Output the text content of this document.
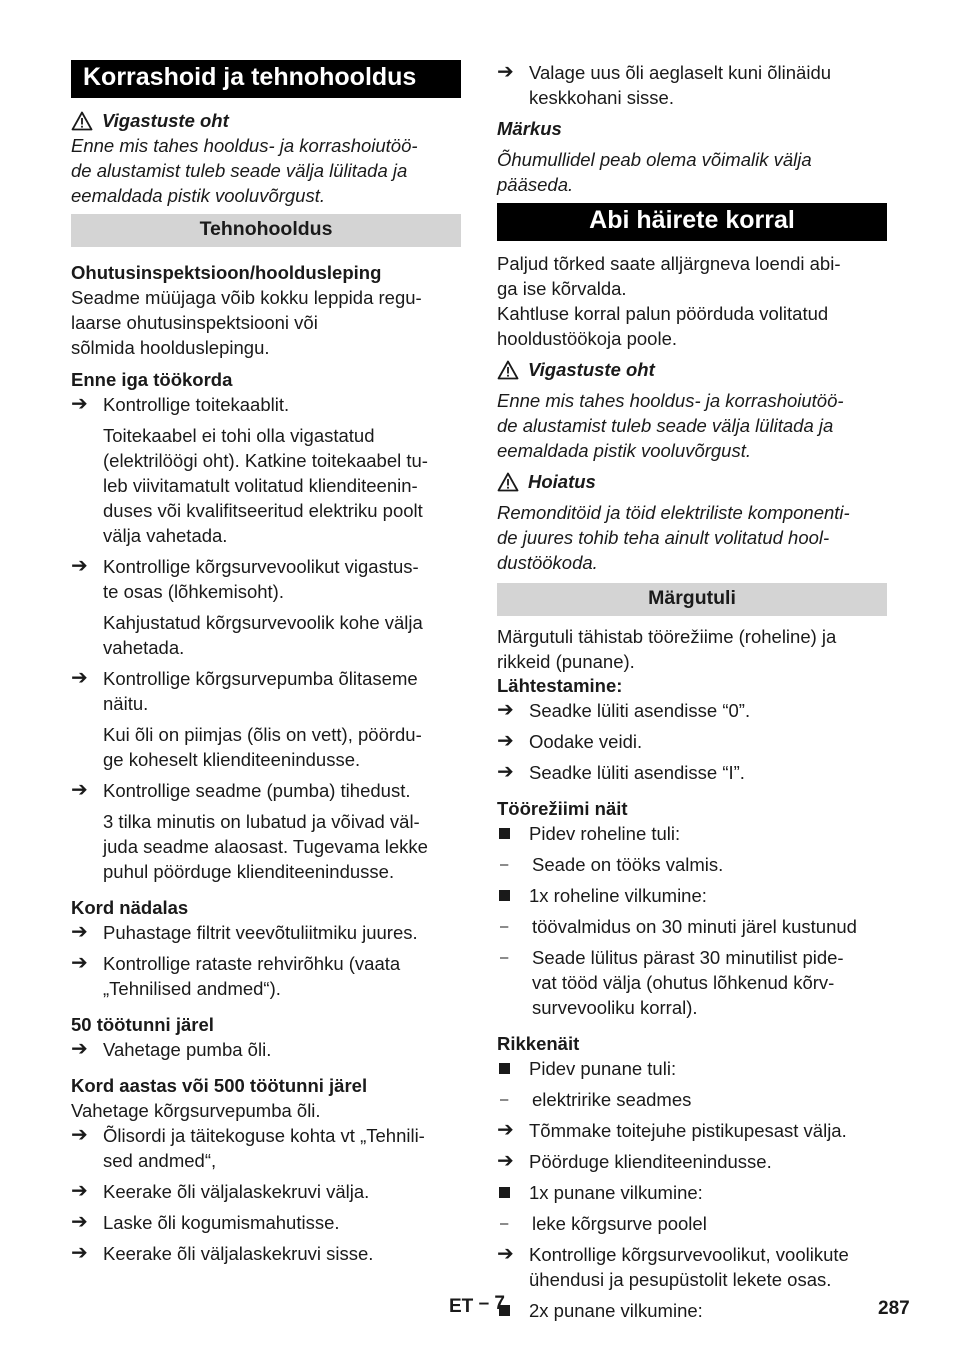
Korrashoid ja tehnohooldus
Vigastuste oht
Enne mis tahes hooldus- ja korrashoiutöö-
de alustamist tuleb seade välja lülitada ja
eemaldada pistik vooluvõrgust.
Tehnohooldus
Ohutusinspektsioon/hooldusleping
Seadme müüjaga võib kokku leppida regu-
laarse ohutusinspektsiooni või
sõlmida hoolduslepingu.
Enne iga töökorda
➔ Kontrollige toitekaablit.
Toitekaabel ei tohi olla vigastatud
(elektrilöögi oht). Katkine toitekaabel tu-
leb viivitamatult volitatud klienditeenin-
duses või kvalifitseeritud elektriku poolt
välja vahetada.
➔ Kontrollige kõrgsurvevoolikut vigastus-
te osas (lõhkemisoht).
Kahjustatud kõrgsurvevoolik kohe välja
vahetada.
➔ Kontrollige kõrgsurvepumba õlitaseme
näitu.
Kui õli on piimjas (õlis on vett), pöördu-
ge koheselt klienditeenindusse.
➔ Kontrollige seadme (pumba) tihedust.
3 tilka minutis on lubatud ja võivad väl-
juda seadme alaosast. Tugevama lekke
puhul pöörduge klienditeenindusse.
Kord nädalas
➔ Puhastage filtrit veevõtuliitmiku juures.
➔ Kontrollige rataste rehvirõhku (vaata
„Tehnilised andmed“).
50 töötunni järel
➔ Vahetage pumba õli.
Kord aastas või 500 töötunni järel
Vahetage kõrgsurvepumba õli.
➔ Õlisordi ja täitekoguse kohta vt „Tehnili-
sed andmed“,
➔ Keerake õli väljalaskekruvi välja.
➔ Laske õli kogumismahutisse.
➔ Keerake õli väljalaskekruvi sisse.
➔ Valage uus õli aeglaselt kuni õlinäidu
keskkohani sisse.
Märkus
Õhumullidel peab olema võimalik välja
pääseda.
Abi häirete korral
Paljud tõrked saate alljärgneva loendi abi-
ga ise kõrvalda.
Kahtluse korral palun pöörduda volitatud
hooldustöökoja poole.
Vigastuste oht
Enne mis tahes hooldus- ja korrashoiutöö-
de alustamist tuleb seade välja lülitada ja
eemaldada pistik vooluvõrgust.
Hoiatus
Remonditöid ja töid elektriliste komponenti-
de juures tohib teha ainult volitatud hool-
dustöökoda.
Märgutuli
Märgutuli tähistab töörežiime (roheline) ja
rikkeid (punane).
Lähtestamine:
➔ Seadke lüliti asendisse “0”.
➔ Oodake veidi.
➔ Seadke lüliti asendisse “I”.
Töörežiimi näit
Pidev roheline tuli:
–	Seade on tööks valmis.
1x roheline vilkumine:
–	töövalmidus on 30 minuti järel kustunud
–	Seade lülitus pärast 30 minutilist pide-
vat tööd välja (ohutus lõhkenud kõrv-
survevooliku korral).
Rikkenäit
Pidev punane tuli:
–	elektririke seadmes
➔ Tõmmake toitejuhe pistikupesast välja.
➔ Pöörduge klienditeenindusse.
1x punane vilkumine:
–	leke kõrgsurve poolel
➔ Kontrollige kõrgsurvevoolikut, voolikute
ühendusi ja pesupüstolit lekete osas.
2x punane vilkumine:
ET – 7	287
